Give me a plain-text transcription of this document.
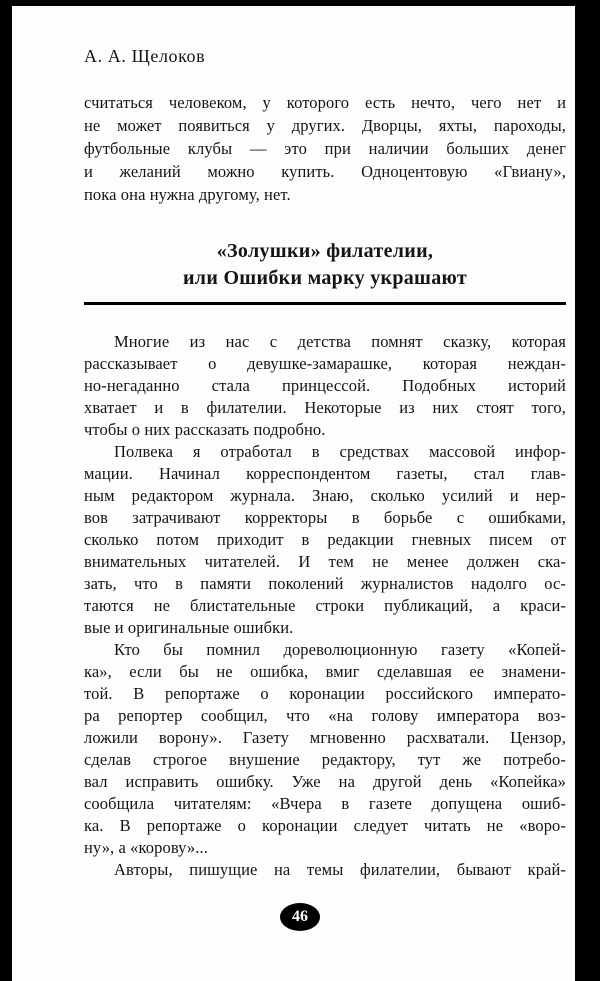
А. А. Щелоков
считаться человеком, у которого есть нечто, чего нет и
не может появиться у других. Дворцы, яхты, пароходы,
футбольные клубы — это при наличии больших денег
и желаний можно купить. Одноцентовую «Гвиану»,
пока она нужна другому, нет.
«Золушки» филателии,
или Ошибки марку украшают
Многие из нас с детства помнят сказку, которая
рассказывает о девушке-замарашке, которая неждан-
но-негаданно стала принцессой. Подобных историй
хватает и в филателии. Некоторые из них стоят того,
чтобы о них рассказать подробно.
Полвека я отработал в средствах массовой инфор-
мации. Начинал корреспондентом газеты, стал глав-
ным редактором журнала. Знаю, сколько усилий и нер-
вов затрачивают корректоры в борьбе с ошибками,
сколько потом приходит в редакции гневных писем от
внимательных читателей. И тем не менее должен ска-
зать, что в памяти поколений журналистов надолго ос-
таются не блистательные строки публикаций, а краси-
вые и оригинальные ошибки.
Кто бы помнил дореволюционную газету «Копей-
ка», если бы не ошибка, вмиг сделавшая ее знамени-
той. В репортаже о коронации российского императо-
ра репортер сообщил, что «на голову императора воз-
ложили ворону». Газету мгновенно расхватали. Цензор,
сделав строгое внушение редактору, тут же потребо-
вал исправить ошибку. Уже на другой день «Копейка»
сообщила читателям: «Вчера в газете допущена ошиб-
ка. В репортаже о коронации следует читать не «воро-
ну», а «корову»...
Авторы, пишущие на темы филателии, бывают край-
46
